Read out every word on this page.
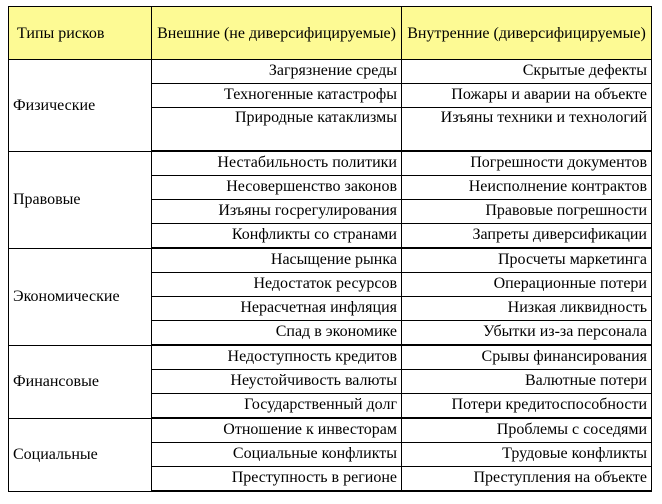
Типы рисков	Внешние (не диверсифицируемые)	Внутренние (диверсифицируемые)
Физические	Загрязнение среды	Скрытые дефекты
	Техногенные катастрофы	Пожары и аварии на объекте
	Природные катаклизмы	Изъяны техники и технологий
Правовые	Нестабильность политики	Погрешности документов
	Несовершенство законов	Неисполнение контрактов
	Изъяны госрегулирования	Правовые погрешности
	Конфликты со странами	Запреты диверсификации
Экономические	Насыщение рынка	Просчеты маркетинга
	Недостаток ресурсов	Операционные потери
	Нерасчетная инфляция	Низкая ликвидность
	Спад в экономике	Убытки из-за персонала
Финансовые	Недоступность кредитов	Срывы финансирования
	Неустойчивость валюты	Валютные потери
	Государственный долг	Потери кредитоспособности
Социальные	Отношение к инвесторам	Проблемы с соседями
	Социальные конфликты	Трудовые конфликты
	Преступность в регионе	Преступления на объекте
